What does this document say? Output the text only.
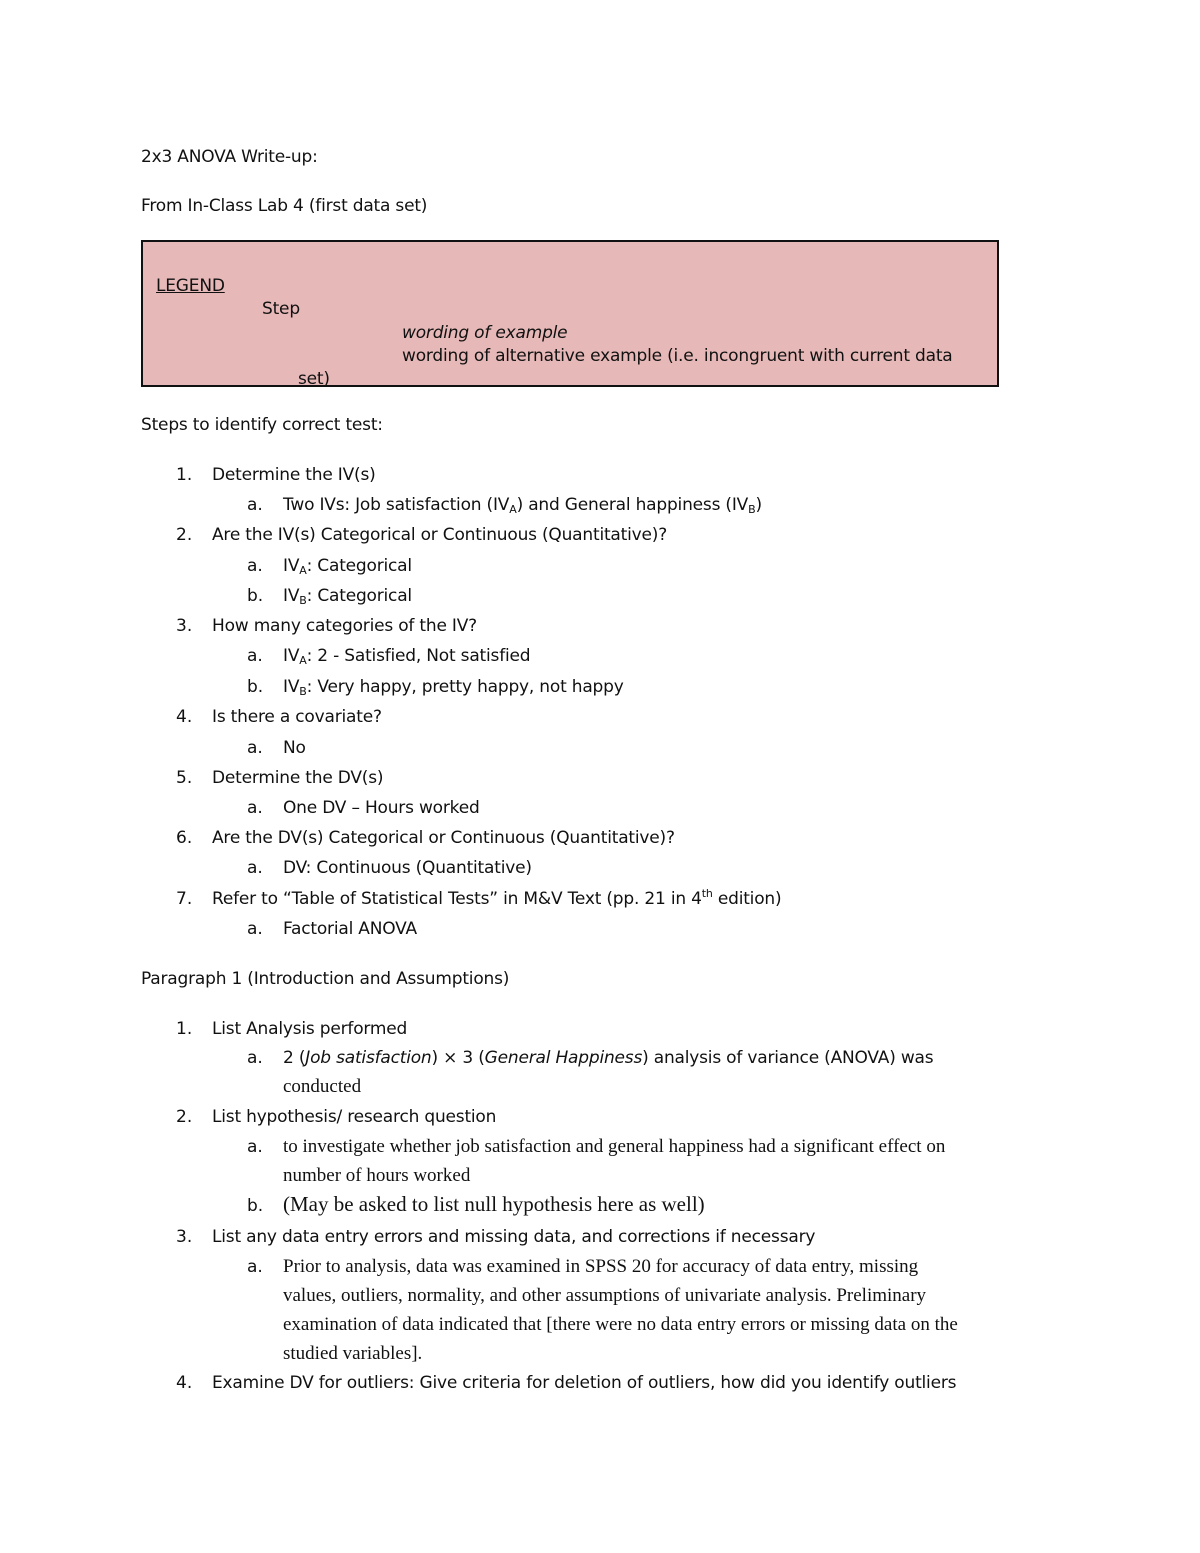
2x3 ANOVA Write-up:
From In-Class Lab 4 (first data set)
LEGEND
Step
wording of example
wording of alternative example (i.e. incongruent with current data
set)
Steps to identify correct test:
1. Determine the IV(s)
a. Two IVs: Job satisfaction $(IV_A)$ and General happiness $(IV_B)$
2. Are the IV(s) Categorical or Continuous (Quantitative)?
a. $IV_A$: Categorical
b. $IV_B$: Categorical
3. How many categories of the IV?
a. $IV_A$: 2 - Satisfied, Not satisfied
b. $IV_B$: Very happy, pretty happy, not happy
4. Is there a covariate?
a. No
5. Determine the DV(s)
a. One DV – Hours worked
6. Are the DV(s) Categorical or Continuous (Quantitative)?
a. DV: Continuous (Quantitative)
7. Refer to “Table of Statistical Tests” in M&V Text (pp. 21 in 4th edition)
a. Factorial ANOVA
Paragraph 1 (Introduction and Assumptions)
1. List Analysis performed
a. 2 (Job satisfaction) × 3 (General Happiness) analysis of variance (ANOVA) was
conducted
2. List hypothesis/ research question
a. to investigate whether job satisfaction and general happiness had a significant effect on
number of hours worked
b. (May be asked to list null hypothesis here as well)
3. List any data entry errors and missing data, and corrections if necessary
a. Prior to analysis, data was examined in SPSS 20 for accuracy of data entry, missing
values, outliers, normality, and other assumptions of univariate analysis. Preliminary
examination of data indicated that [there were no data entry errors or missing data on the
studied variables].
4. Examine DV for outliers: Give criteria for deletion of outliers, how did you identify outliers
